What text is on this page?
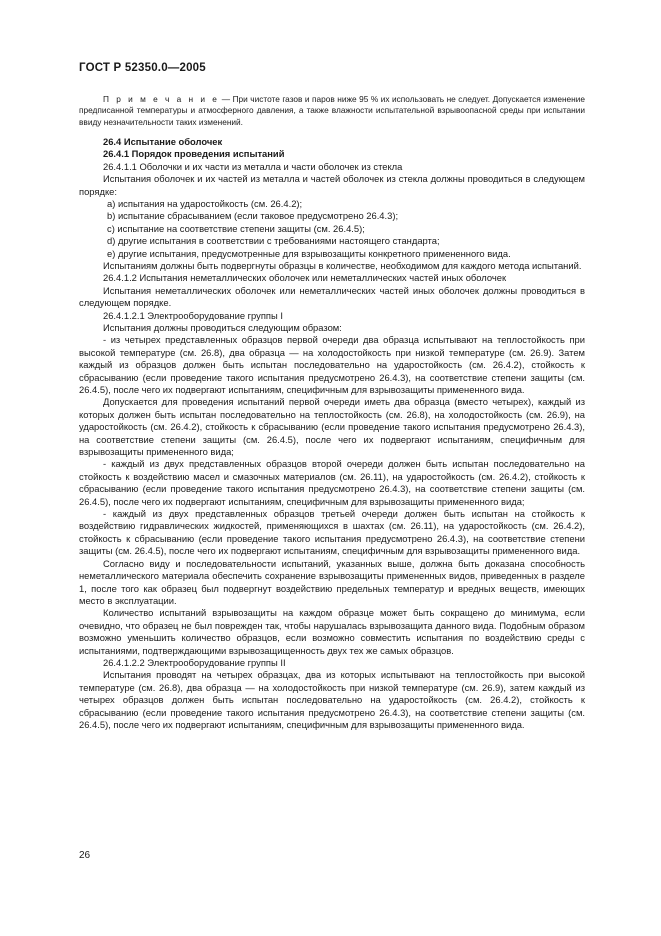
ГОСТ Р 52350.0—2005

П р и м е ч а н и е — При чистоте газов и паров ниже 95 % их использовать не следует. Допускается изменение предписанной температуры и атмосферного давления, а также влажности испытательной взрывоопасной среды при испытании ввиду незначительности таких изменений.

26.4 Испытание оболочек

26.4.1 Порядок проведения испытаний

26.4.1.1 Оболочки и их части из металла и части оболочек из стекла

Испытания оболочек и их частей из металла и частей оболочек из стекла должны проводиться в следующем порядке:

a) испытания на ударостойкость (см. 26.4.2);

b) испытание сбрасыванием (если таковое предусмотрено 26.4.3);

c) испытание на соответствие степени защиты (см. 26.4.5);

d) другие испытания в соответствии с требованиями настоящего стандарта;

e) другие испытания, предусмотренные для взрывозащиты конкретного примененного вида.

Испытаниям должны быть подвергнуты образцы в количестве, необходимом для каждого метода испытаний.

26.4.1.2 Испытания неметаллических оболочек или неметаллических частей иных оболочек

Испытания неметаллических оболочек или неметаллических частей иных оболочек должны проводиться в следующем порядке.

26.4.1.2.1 Электрооборудование группы I

Испытания должны проводиться следующим образом:

- из четырех представленных образцов первой очереди два образца испытывают на теплостойкость при высокой температуре (см. 26.8), два образца — на холодостойкость при низкой температуре (см. 26.9). Затем каждый из образцов должен быть испытан последовательно на ударостойкость (см. 26.4.2), стойкость к сбрасыванию (если проведение такого испытания предусмотрено 26.4.3), на соответствие степени защиты (см. 26.4.5), после чего их подвергают испытаниям, специфичным для взрывозащиты примененного вида.

Допускается для проведения испытаний первой очереди иметь два образца (вместо четырех), каждый из которых должен быть испытан последовательно на теплостойкость (см. 26.8), на холодостойкость (см. 26.9), на ударостойкость (см. 26.4.2), стойкость к сбрасыванию (если проведение такого испытания предусмотрено 26.4.3), на соответствие степени защиты (см. 26.4.5), после чего их подвергают испытаниям, специфичным для взрывозащиты примененного вида;

- каждый из двух представленных образцов второй очереди должен быть испытан последовательно на стойкость к воздействию масел и смазочных материалов (см. 26.11), на ударостойкость (см. 26.4.2), стойкость к сбрасыванию (если проведение такого испытания предусмотрено 26.4.3), на соответствие степени защиты (см. 26.4.5), после чего их подвергают испытаниям, специфичным для взрывозащиты примененного вида;

- каждый из двух представленных образцов третьей очереди должен быть испытан на стойкость к воздействию гидравлических жидкостей, применяющихся в шахтах (см. 26.11), на ударостойкость (см. 26.4.2), стойкость к сбрасыванию (если проведение такого испытания предусмотрено 26.4.3), на соответствие степени защиты (см. 26.4.5), после чего их подвергают испытаниям, специфичным для взрывозащиты примененного вида.

Согласно виду и последовательности испытаний, указанных выше, должна быть доказана способность неметаллического материала обеспечить сохранение взрывозащиты примененных видов, приведенных в разделе 1, после того как образец был подвергнут воздействию предельных температур и вредных веществ, имеющих место в эксплуатации.

Количество испытаний взрывозащиты на каждом образце может быть сокращено до минимума, если очевидно, что образец не был поврежден так, чтобы нарушалась взрывозащита данного вида. Подобным образом возможно уменьшить количество образцов, если возможно совместить испытания по воздействию среды с испытаниями, подтверждающими взрывозащищенность двух тех же самых образцов.

26.4.1.2.2 Электрооборудование группы II

Испытания проводят на четырех образцах, два из которых испытывают на теплостойкость при высокой температуре (см. 26.8), два образца — на холодостойкость при низкой температуре (см. 26.9), затем каждый из четырех образцов должен быть испытан последовательно на ударостойкость (см. 26.4.2), стойкость к сбрасыванию (если проведение такого испытания предусмотрено 26.4.3), на соответствие степени защиты (см. 26.4.5), после чего их подвергают испытаниям, специфичным для взрывозащиты примененного вида.

26
